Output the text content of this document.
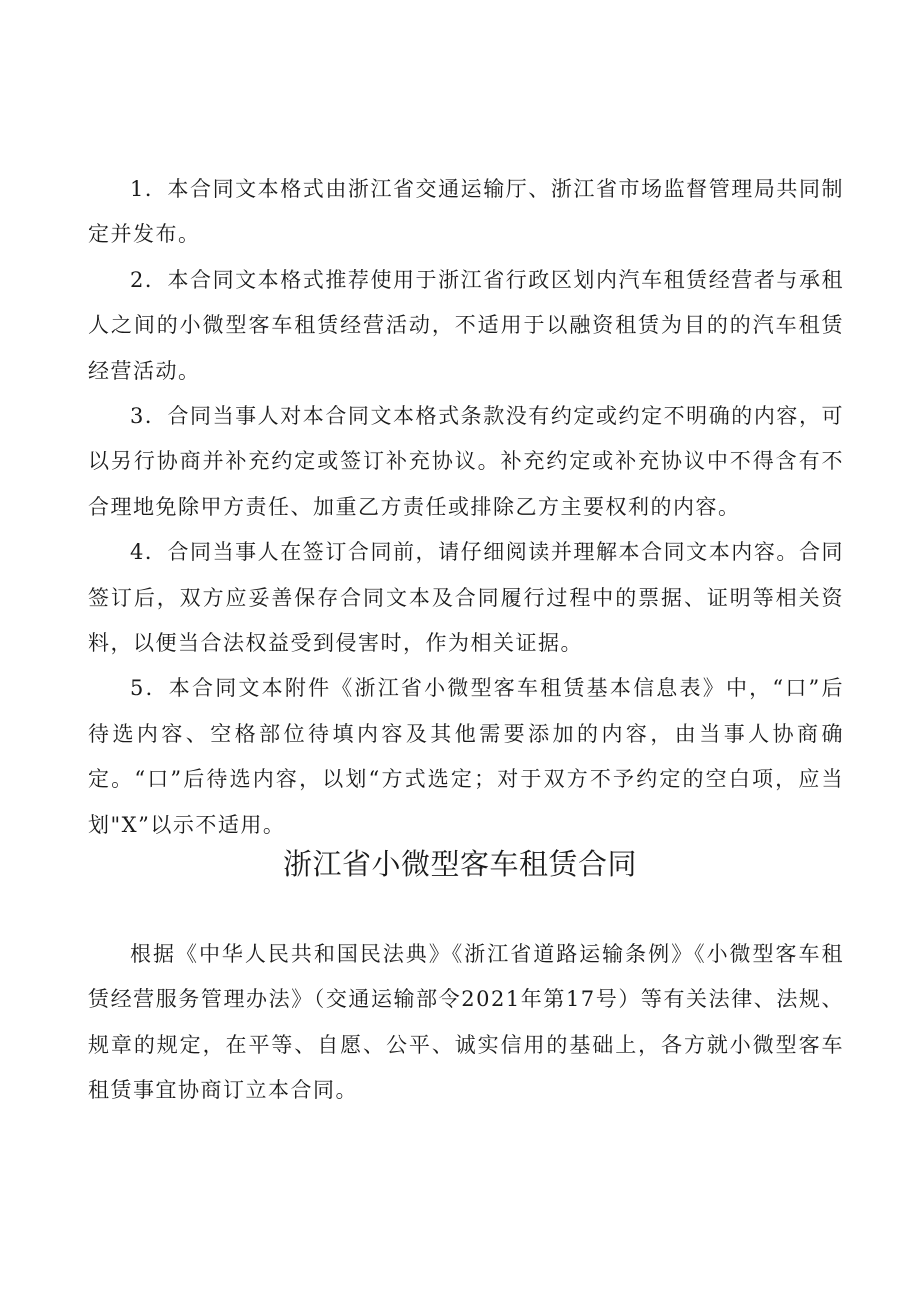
1．本合同文本格式由浙江省交通运输厅、浙江省市场监督管理局共同制定并发布。

2．本合同文本格式推荐使用于浙江省行政区划内汽车租赁经营者与承租人之间的小微型客车租赁经营活动，不适用于以融资租赁为目的的汽车租赁经营活动。

3．合同当事人对本合同文本格式条款没有约定或约定不明确的内容，可以另行协商并补充约定或签订补充协议。补充约定或补充协议中不得含有不合理地免除甲方责任、加重乙方责任或排除乙方主要权利的内容。

4．合同当事人在签订合同前，请仔细阅读并理解本合同文本内容。合同签订后，双方应妥善保存合同文本及合同履行过程中的票据、证明等相关资料，以便当合法权益受到侵害时，作为相关证据。

5．本合同文本附件《浙江省小微型客车租赁基本信息表》中，“口”后待选内容、空格部位待填内容及其他需要添加的内容，由当事人协商确定。“口”后待选内容，以划“方式选定；对于双方不予约定的空白项，应当划"X”以示不适用。

浙江省小微型客车租赁合同

根据《中华人民共和国民法典》《浙江省道路运输条例》《小微型客车租赁经营服务管理办法》（交通运输部令2021年第17号）等有关法律、法规、规章的规定，在平等、自愿、公平、诚实信用的基础上，各方就小微型客车租赁事宜协商订立本合同。
